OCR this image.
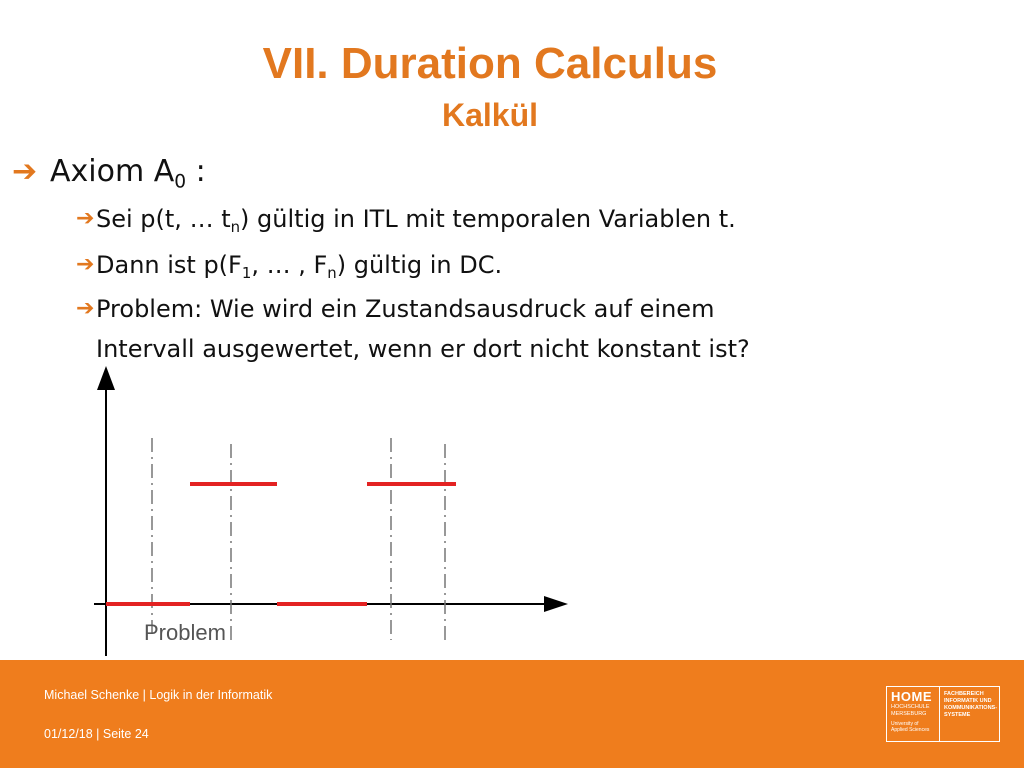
VII. Duration Calculus
Kalkül
➔ Axiom $A_0$ :
➔ Sei p(t, … $t_n$) gültig in ITL mit temporalen Variablen t.
➔ Dann ist $p(F_1$, … , $F_n$) gültig in DC.
➔ Problem: Wie wird ein Zustandsausdruck auf einem
Intervall ausgewertet, wenn er dort nicht konstant ist?
Problem
Michael Schenke | Logik in der Informatik
01/12/18 | Seite 24
HOME
HOCHSCHULE
MERSEBURG
University of
Applied Sciences
FACHBEREICH
INFORMATIK UND
KOMMUNIKATIONS-
SYSTEME
